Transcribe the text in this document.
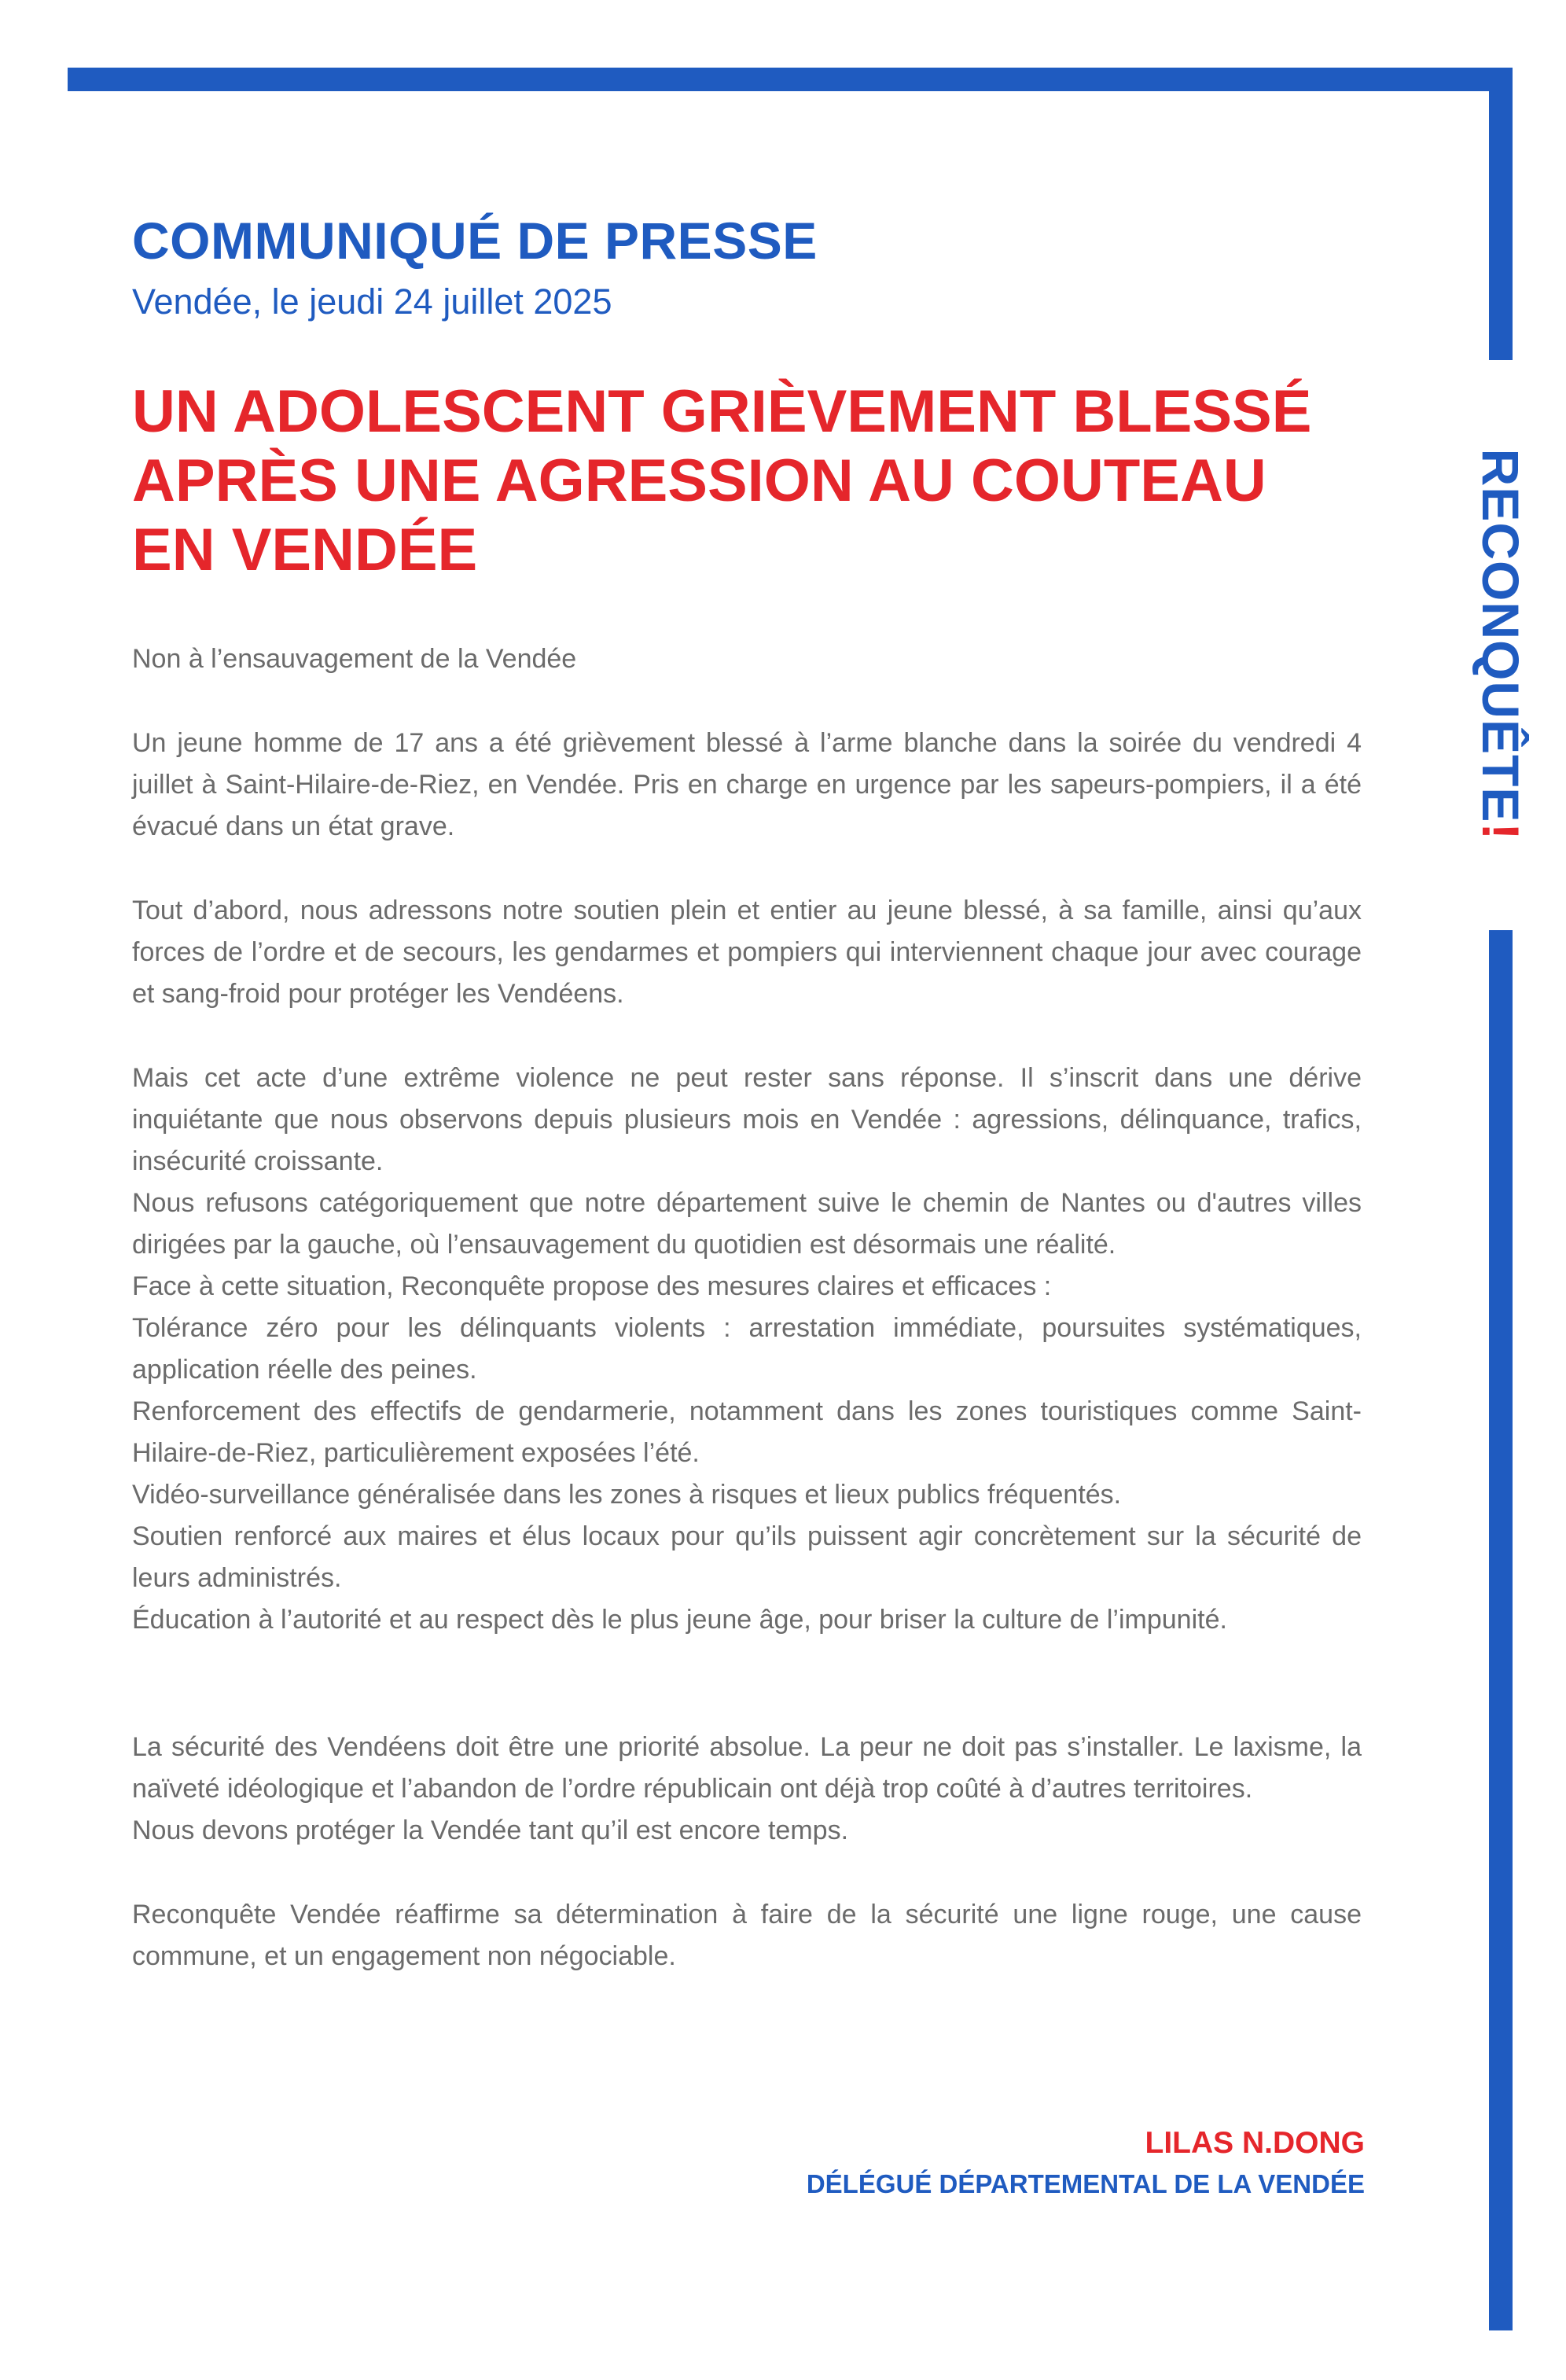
RECONQUÊTE!
COMMUNIQUÉ DE PRESSE
Vendée, le jeudi 24 juillet 2025
UN ADOLESCENT GRIÈVEMENT BLESSÉ
APRÈS UNE AGRESSION AU COUTEAU
EN VENDÉE

Non à l’ensauvagement de la Vendée

Un jeune homme de 17 ans a été grièvement blessé à l’arme blanche dans la soirée du vendredi 4 juillet à Saint-Hilaire-de-Riez, en Vendée. Pris en charge en urgence par les sapeurs-pompiers, il a été évacué dans un état grave.

Tout d’abord, nous adressons notre soutien plein et entier au jeune blessé, à sa famille, ainsi qu’aux forces de l’ordre et de secours, les gendarmes et pompiers qui interviennent chaque jour avec courage et sang-froid pour protéger les Vendéens.

Mais cet acte d’une extrême violence ne peut rester sans réponse. Il s’inscrit dans une dérive inquiétante que nous observons depuis plusieurs mois en Vendée : agressions, délinquance, trafics, insécurité croissante.

Nous refusons catégoriquement que notre département suive le chemin de Nantes ou d'autres villes dirigées par la gauche, où l’ensauvagement du quotidien est désormais une réalité.

Face à cette situation, Reconquête propose des mesures claires et efficaces :

Tolérance zéro pour les délinquants violents : arrestation immédiate, poursuites systématiques, application réelle des peines.

Renforcement des effectifs de gendarmerie, notamment dans les zones touristiques comme Saint-Hilaire-de-Riez, particulièrement exposées l’été.

Vidéo-surveillance généralisée dans les zones à risques et lieux publics fréquentés.

Soutien renforcé aux maires et élus locaux pour qu’ils puissent agir concrètement sur la sécurité de leurs administrés.

Éducation à l’autorité et au respect dès le plus jeune âge, pour briser la culture de l’impunité.

La sécurité des Vendéens doit être une priorité absolue. La peur ne doit pas s’installer. Le laxisme, la naïveté idéologique et l’abandon de l’ordre républicain ont déjà trop coûté à d’autres territoires.

Nous devons protéger la Vendée tant qu’il est encore temps.

Reconquête Vendée réaffirme sa détermination à faire de la sécurité une ligne rouge, une cause commune, et un engagement non négociable.

LILAS N.DONG
DÉLÉGUÉ DÉPARTEMENTAL DE LA VENDÉE
